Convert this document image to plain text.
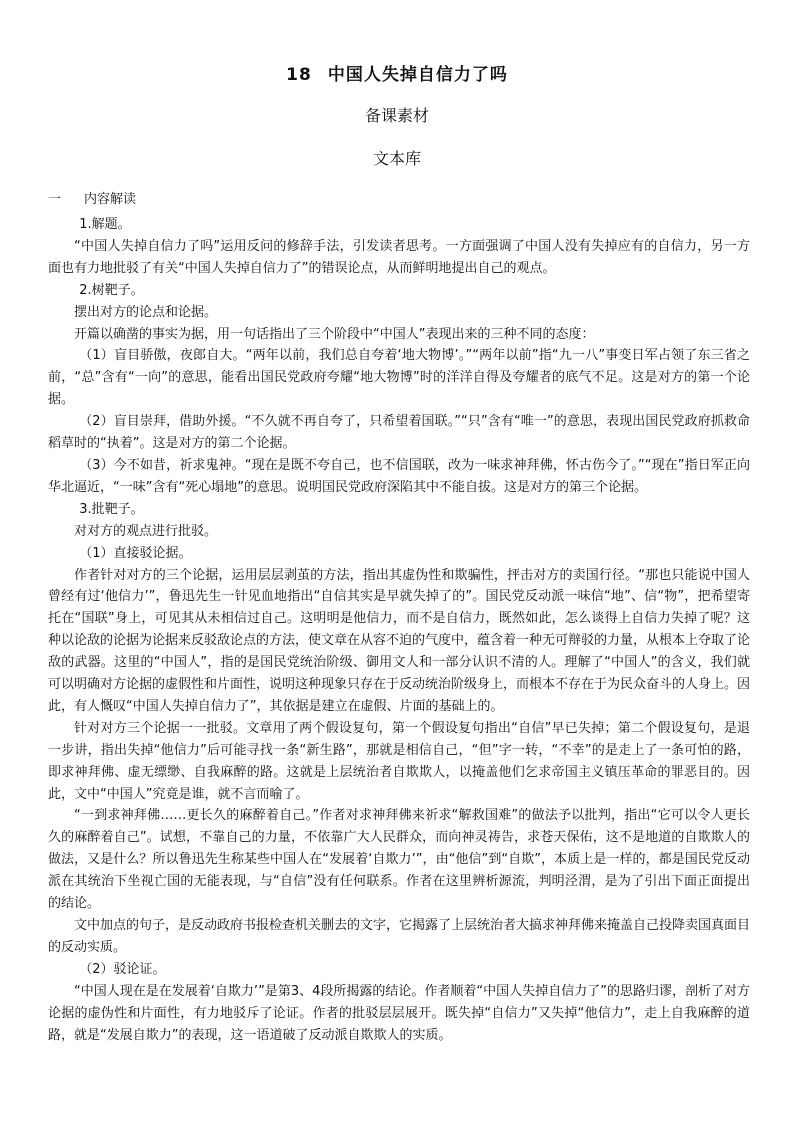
18 中国人失掉自信力了吗
备课素材
文本库
一 内容解读

1.解题。

“中国人失掉自信力了吗”运用反问的修辞手法，引发读者思考。一方面强调了中国人没有失掉应有的自信力，另一方面也有力地批驳了有关“中国人失掉自信力了”的错误论点，从而鲜明地提出自己的观点。

2.树靶子。

摆出对方的论点和论据。

开篇以确凿的事实为据，用一句话指出了三个阶段中“中国人”表现出来的三种不同的态度：

（1）盲目骄傲，夜郎自大。“两年以前，我们总自夸着‘地大物博’。”“两年以前”指“九一八”事变日军占领了东三省之前，“总”含有“一向”的意思，能看出国民党政府夸耀“地大物博”时的洋洋自得及夸耀者的底气不足。这是对方的第一个论据。

（2）盲目崇拜，借助外援。“不久就不再自夸了，只希望着国联。”“只”含有“唯一”的意思，表现出国民党政府抓救命稻草时的“执着”。这是对方的第二个论据。

（3）今不如昔，祈求鬼神。“现在是既不夸自己，也不信国联，改为一味求神拜佛，怀古伤今了。”“现在”指日军正向华北逼近，“一味”含有“死心塌地”的意思。说明国民党政府深陷其中不能自拔。这是对方的第三个论据。

3.批靶子。

对对方的观点进行批驳。

（1）直接驳论据。

作者针对对方的三个论据，运用层层剥茧的方法，指出其虚伪性和欺骗性，抨击对方的卖国行径。“那也只能说中国人曾经有过‘他信力’”，鲁迅先生一针见血地指出“自信其实是早就失掉了的”。国民党反动派一味信“地”、信“物”，把希望寄托在“国联”身上，可见其从未相信过自己。这明明是他信力，而不是自信力，既然如此，怎么谈得上自信力失掉了呢？这种以论敌的论据为论据来反驳敌论点的方法，使文章在从容不迫的气度中，蕴含着一种无可辩驳的力量，从根本上夺取了论敌的武器。这里的“中国人”，指的是国民党统治阶级、御用文人和一部分认识不清的人。理解了“中国人”的含义，我们就可以明确对方论据的虚假性和片面性，说明这种现象只存在于反动统治阶级身上，而根本不存在于为民众奋斗的人身上。因此，有人慨叹“中国人失掉自信力了”，其依据是建立在虚假、片面的基础上的。

针对对方三个论据一一批驳。文章用了两个假设复句，第一个假设复句指出“自信”早已失掉；第二个假设复句，是退一步讲，指出失掉“他信力”后可能寻找一条“新生路”，那就是相信自己，“但”字一转，“不幸”的是走上了一条可怕的路，即求神拜佛、虚无缥缈、自我麻醉的路。这就是上层统治者自欺欺人，以掩盖他们乞求帝国主义镇压革命的罪恶目的。因此，文中“中国人”究竟是谁，就不言而喻了。

“一到求神拜佛……更长久的麻醉着自己。”作者对求神拜佛来祈求“解救国难”的做法予以批判，指出“它可以令人更长久的麻醉着自己”。试想，不靠自己的力量，不依靠广大人民群众，而向神灵祷告，求苍天保佑，这不是地道的自欺欺人的做法，又是什么？所以鲁迅先生称某些中国人在“发展着‘自欺力’”，由“他信”到“自欺”，本质上是一样的，都是国民党反动派在其统治下坐视亡国的无能表现，与“自信”没有任何联系。作者在这里辨析源流，判明泾渭，是为了引出下面正面提出的结论。

文中加点的句子，是反动政府书报检查机关删去的文字，它揭露了上层统治者大搞求神拜佛来掩盖自己投降卖国真面目的反动实质。

（2）驳论证。

“中国人现在是在发展着‘自欺力’”是第3、4段所揭露的结论。作者顺着“中国人失掉自信力了”的思路归谬，剖析了对方论据的虚伪性和片面性，有力地驳斥了论证。作者的批驳层层展开。既失掉“自信力”又失掉“他信力”，走上自我麻醉的道路，就是“发展自欺力”的表现，这一语道破了反动派自欺欺人的实质。
